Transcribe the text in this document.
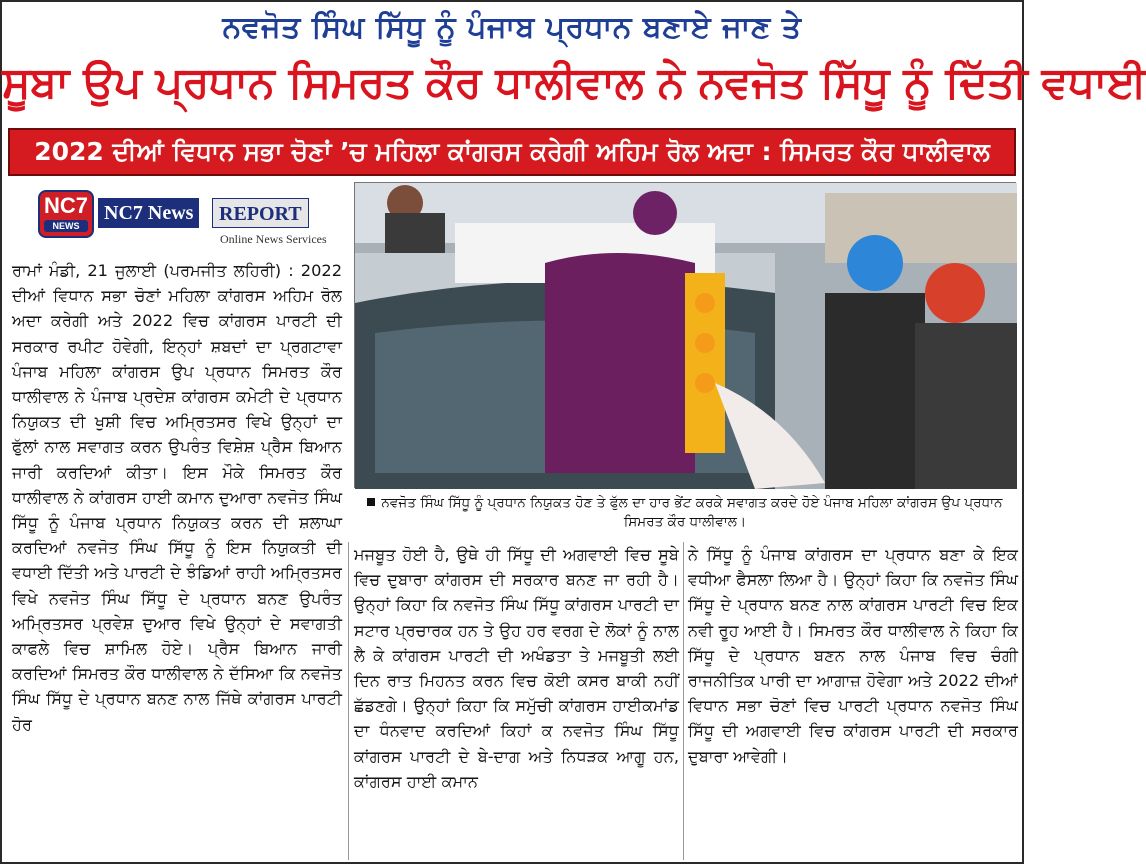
ਨਵਜੋਤ ਸਿੰਘ ਸਿੱਧੂ ਨੂੰ ਪੰਜਾਬ ਪ੍ਰਧਾਨ ਬਣਾਏ ਜਾਣ ਤੇ
ਸੂਬਾ ਉਪ ਪ੍ਰਧਾਨ ਸਿਮਰਤ ਕੌਰ ਧਾਲੀਵਾਲ ਨੇ ਨਵਜੋਤ ਸਿੱਧੂ ਨੂੰ ਦਿੱਤੀ ਵਧਾਈ
2022 ਦੀਆਂ ਵਿਧਾਨ ਸਭਾ ਚੋਣਾਂ ’ਚ ਮਹਿਲਾ ਕਾਂਗਰਸ ਕਰੇਗੀ ਅਹਿਮ ਰੋਲ ਅਦਾ : ਸਿਮਰਤ ਕੌਰ ਧਾਲੀਵਾਲ
NC7
NEWS
NC7 News	REPORT
Online News Services
ਰਾਮਾਂ ਮੰਡੀ, 21 ਜੁਲਾਈ (ਪਰਮਜੀਤ ਲਹਿਰੀ) : 2022 ਦੀਆਂ ਵਿਧਾਨ ਸਭਾ ਚੋਣਾਂ ਮਹਿਲਾ ਕਾਂਗਰਸ ਅਹਿਮ ਰੋਲ ਅਦਾ ਕਰੇਗੀ ਅਤੇ 2022 ਵਿਚ ਕਾਂਗਰਸ ਪਾਰਟੀ ਦੀ ਸਰਕਾਰ ਰਪੀਟ ਹੋਵੇਗੀ, ਇਨ੍ਹਾਂ ਸ਼ਬਦਾਂ ਦਾ ਪ੍ਰਗਟਾਵਾ ਪੰਜਾਬ ਮਹਿਲਾ ਕਾਂਗਰਸ ਉਪ ਪ੍ਰਧਾਨ ਸਿਮਰਤ ਕੌਰ ਧਾਲੀਵਾਲ ਨੇ ਪੰਜਾਬ ਪ੍ਰਦੇਸ਼ ਕਾਂਗਰਸ ਕਮੇਟੀ ਦੇ ਪ੍ਰਧਾਨ ਨਿਯੁਕਤ ਦੀ ਖੁਸ਼ੀ ਵਿਚ ਅਮ੍ਰਿਤਸਰ ਵਿਖੇ ਉਨ੍ਹਾਂ ਦਾ ਫੁੱਲਾਂ ਨਾਲ ਸਵਾਗਤ ਕਰਨ ਉਪਰੰਤ ਵਿਸ਼ੇਸ਼ ਪ੍ਰੈਸ ਬਿਆਨ ਜਾਰੀ ਕਰਦਿਆਂ ਕੀਤਾ। ਇਸ ਮੌਕੇ ਸਿਮਰਤ ਕੌਰ ਧਾਲੀਵਾਲ ਨੇ ਕਾਂਗਰਸ ਹਾਈ ਕਮਾਨ ਦੁਆਰਾ ਨਵਜੋਤ ਸਿੰਘ ਸਿੱਧੂ ਨੂੰ ਪੰਜਾਬ ਪ੍ਰਧਾਨ ਨਿਯੁਕਤ ਕਰਨ ਦੀ ਸ਼ਲਾਘਾ ਕਰਦਿਆਂ ਨਵਜੋਤ ਸਿੰਘ ਸਿੱਧੂ ਨੂੰ ਇਸ ਨਿਯੁਕਤੀ ਦੀ ਵਧਾਈ ਦਿੱਤੀ ਅਤੇ ਪਾਰਟੀ ਦੇ ਝੰਡਿਆਂ ਰਾਹੀ ਅਮ੍ਰਿਤਸਰ ਵਿਖੇ ਨਵਜੋਤ ਸਿੰਘ ਸਿੱਧੂ ਦੇ ਪ੍ਰਧਾਨ ਬਨਣ ਉਪਰੰਤ ਅਮ੍ਰਿਤਸਰ ਪ੍ਰਵੇਸ਼ ਦੁਆਰ ਵਿਖੇ ਉਨ੍ਹਾਂ ਦੇ ਸਵਾਗਤੀ ਕਾਫਲੇ ਵਿਚ ਸ਼ਾਮਿਲ ਹੋਏ। ਪ੍ਰੈਸ ਬਿਆਨ ਜਾਰੀ ਕਰਦਿਆਂ ਸਿਮਰਤ ਕੌਰ ਧਾਲੀਵਾਲ ਨੇ ਦੱਸਿਆ ਕਿ ਨਵਜੋਤ ਸਿੰਘ ਸਿੱਧੂ ਦੇ ਪ੍ਰਧਾਨ ਬਨਣ ਨਾਲ ਜਿੱਥੇ ਕਾਂਗਰਸ ਪਾਰਟੀ ਹੋਰ
ਨਵਜੋਤ ਸਿੰਘ ਸਿੱਧੂ ਨੂੰ ਪ੍ਰਧਾਨ ਨਿਯੁਕਤ ਹੋਣ ਤੇ ਫੁੱਲ ਦਾ ਹਾਰ ਭੇਂਟ ਕਰਕੇ ਸਵਾਗਤ ਕਰਦੇ ਹੋਏ ਪੰਜਾਬ ਮਹਿਲਾ ਕਾਂਗਰਸ ਉਪ ਪ੍ਰਧਾਨ ਸਿਮਰਤ ਕੌਰ ਧਾਲੀਵਾਲ।
ਮਜਬੂਤ ਹੋਈ ਹੈ, ਉਥੇ ਹੀ ਸਿੱਧੂ ਦੀ ਅਗਵਾਈ ਵਿਚ ਸੂਬੇ ਵਿਚ ਦੁਬਾਰਾ ਕਾਂਗਰਸ ਦੀ ਸਰਕਾਰ ਬਨਣ ਜਾ ਰਹੀ ਹੈ। ਉਨ੍ਹਾਂ ਕਿਹਾ ਕਿ ਨਵਜੋਤ ਸਿੰਘ ਸਿੱਧੂ ਕਾਂਗਰਸ ਪਾਰਟੀ ਦਾ ਸਟਾਰ ਪ੍ਰਚਾਰਕ ਹਨ ਤੇ ਉਹ ਹਰ ਵਰਗ ਦੇ ਲੋਕਾਂ ਨੂੰ ਨਾਲ ਲੈ ਕੇ ਕਾਂਗਰਸ ਪਾਰਟੀ ਦੀ ਅਖੰਡਤਾ ਤੇ ਮਜਬੂਤੀ ਲਈ ਦਿਨ ਰਾਤ ਮਿਹਨਤ ਕਰਨ ਵਿਚ ਕੋਈ ਕਸਰ ਬਾਕੀ ਨਹੀਂ ਛੱਡਣਗੇ। ਉਨ੍ਹਾਂ ਕਿਹਾ ਕਿ ਸਮੁੱਚੀ ਕਾਂਗਰਸ ਹਾਈਕਮਾਂਡ ਦਾ ਧੰਨਵਾਦ ਕਰਦਿਆਂ ਕਿਹਾਂ ਕ ਨਵਜੋਤ ਸਿੰਘ ਸਿੱਧੂ ਕਾਂਗਰਸ ਪਾਰਟੀ ਦੇ ਬੇ-ਦਾਗ ਅਤੇ ਨਿਧੜਕ ਆਗੂ ਹਨ, ਕਾਂਗਰਸ ਹਾਈ ਕਮਾਨ
ਨੇ ਸਿੱਧੂ ਨੂੰ ਪੰਜਾਬ ਕਾਂਗਰਸ ਦਾ ਪ੍ਰਧਾਨ ਬਣਾ ਕੇ ਇਕ ਵਧੀਆ ਫੈਸਲਾ ਲਿਆ ਹੈ। ਉਨ੍ਹਾਂ ਕਿਹਾ ਕਿ ਨਵਜੋਤ ਸਿੰਘ ਸਿੱਧੂ ਦੇ ਪ੍ਰਧਾਨ ਬਨਣ ਨਾਲ ਕਾਂਗਰਸ ਪਾਰਟੀ ਵਿਚ ਇਕ ਨਵੀ ਰੂਹ ਆਈ ਹੈ। ਸਿਮਰਤ ਕੌਰ ਧਾਲੀਵਾਲ ਨੇ ਕਿਹਾ ਕਿ ਸਿੱਧੂ ਦੇ ਪ੍ਰਧਾਨ ਬਣਨ ਨਾਲ ਪੰਜਾਬ ਵਿਚ ਚੰਗੀ ਰਾਜਨੀਤਿਕ ਪਾਰੀ ਦਾ ਆਗਾਜ਼ ਹੋਵੇਗਾ ਅਤੇ 2022 ਦੀਆਂ ਵਿਧਾਨ ਸਭਾ ਚੋਣਾਂ ਵਿਚ ਪਾਰਟੀ ਪ੍ਰਧਾਨ ਨਵਜੋਤ ਸਿੰਘ ਸਿੱਧੂ ਦੀ ਅਗਵਾਈ ਵਿਚ ਕਾਂਗਰਸ ਪਾਰਟੀ ਦੀ ਸਰਕਾਰ ਦੁਬਾਰਾ ਆਵੇਗੀ।
